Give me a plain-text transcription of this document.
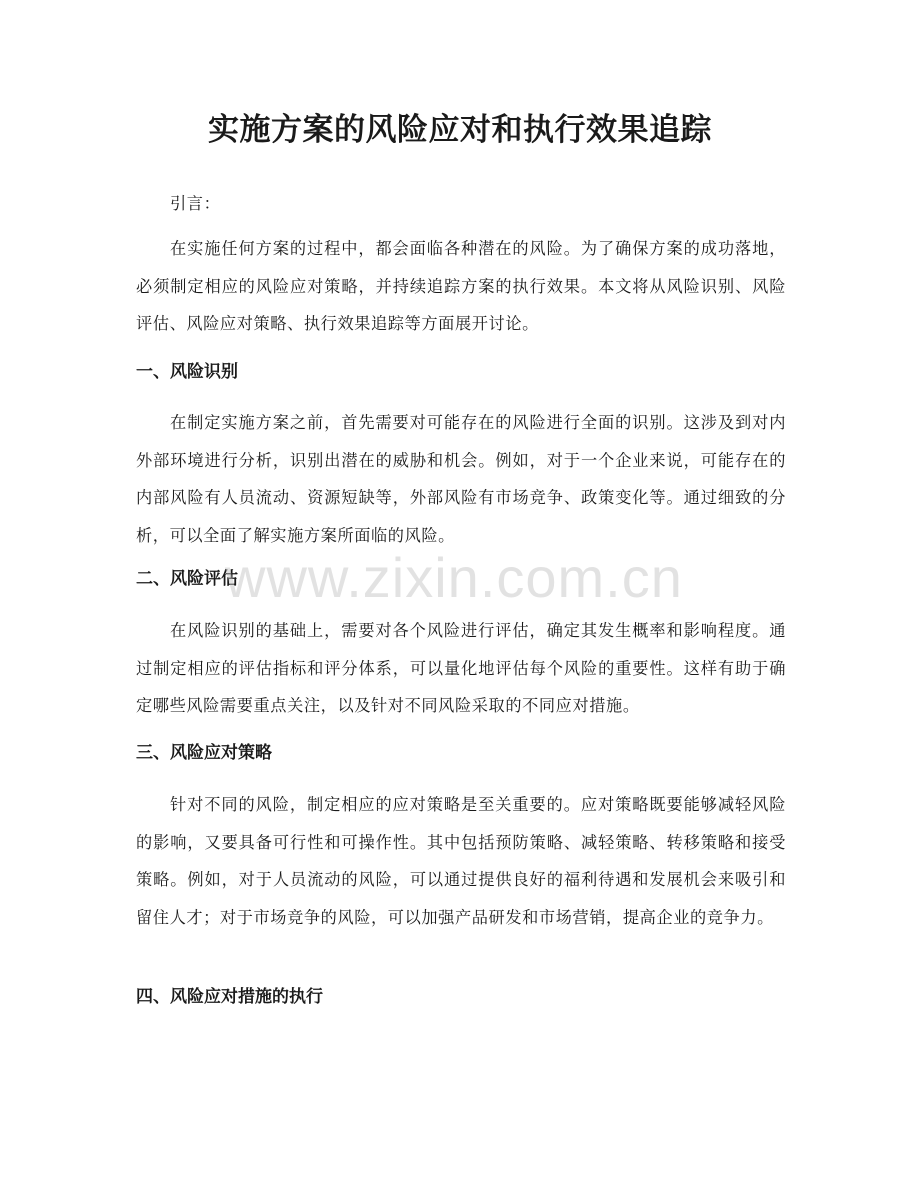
实施方案的风险应对和执行效果追踪

引言：

在实施任何方案的过程中，都会面临各种潜在的风险。为了确保方案的成功落地，必须制定相应的风险应对策略，并持续追踪方案的执行效果。本文将从风险识别、风险评估、风险应对策略、执行效果追踪等方面展开讨论。

一、风险识别

在制定实施方案之前，首先需要对可能存在的风险进行全面的识别。这涉及到对内外部环境进行分析，识别出潜在的威胁和机会。例如，对于一个企业来说，可能存在的内部风险有人员流动、资源短缺等，外部风险有市场竞争、政策变化等。通过细致的分析，可以全面了解实施方案所面临的风险。

二、风险评估

在风险识别的基础上，需要对各个风险进行评估，确定其发生概率和影响程度。通过制定相应的评估指标和评分体系，可以量化地评估每个风险的重要性。这样有助于确定哪些风险需要重点关注，以及针对不同风险采取的不同应对措施。

三、风险应对策略

针对不同的风险，制定相应的应对策略是至关重要的。应对策略既要能够减轻风险的影响，又要具备可行性和可操作性。其中包括预防策略、减轻策略、转移策略和接受策略。例如，对于人员流动的风险，可以通过提供良好的福利待遇和发展机会来吸引和留住人才；对于市场竞争的风险，可以加强产品研发和市场营销，提高企业的竞争力。

四、风险应对措施的执行
www.zixin.com.cn
